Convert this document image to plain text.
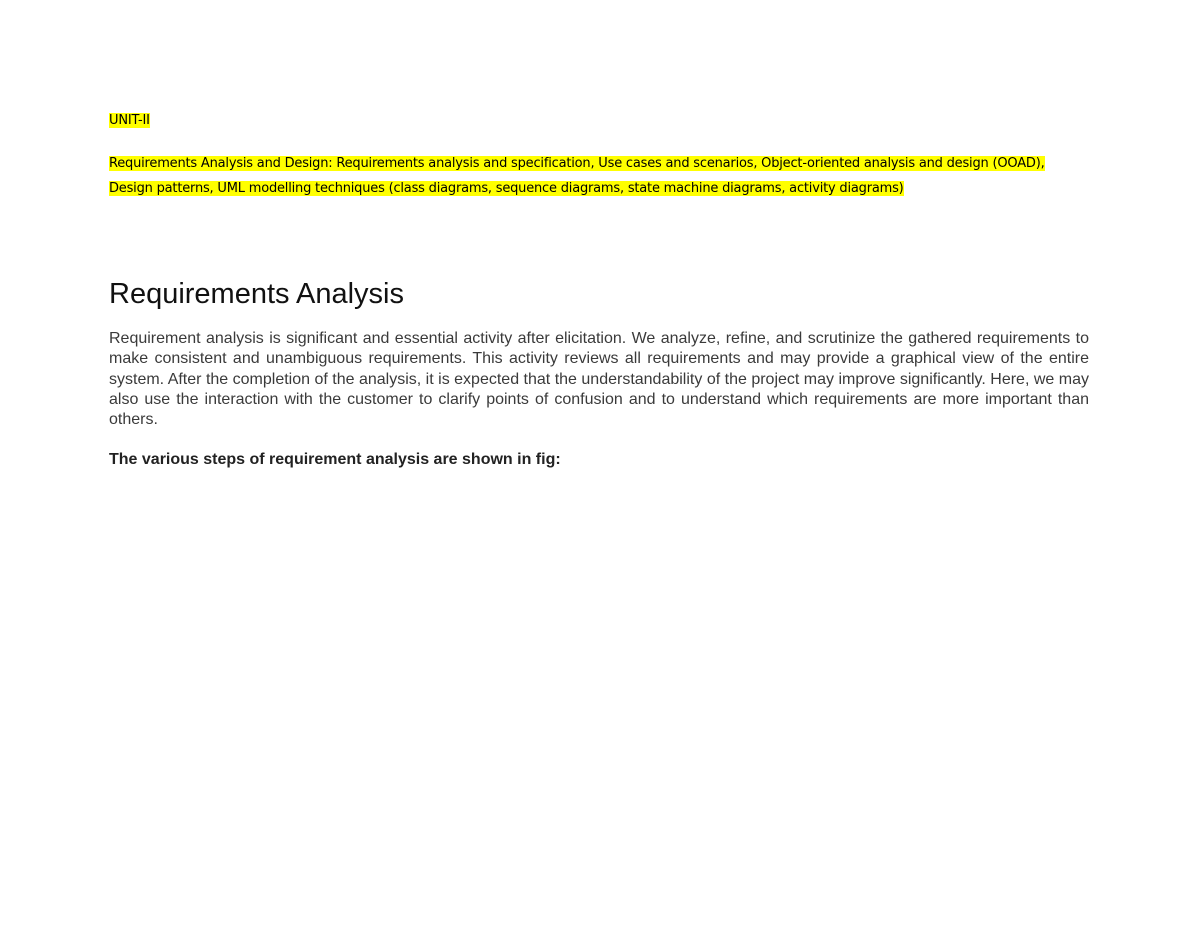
UNIT-II

Requirements Analysis and Design: Requirements analysis and specification, Use cases and scenarios, Object-oriented analysis and design (OOAD), Design patterns, UML modelling techniques (class diagrams, sequence diagrams, state machine diagrams, activity diagrams)

Requirements Analysis

Requirement analysis is significant and essential activity after elicitation. We analyze, refine, and scrutinize the gathered requirements to make consistent and unambiguous requirements. This activity reviews all requirements and may provide a graphical view of the entire system. After the completion of the analysis, it is expected that the understandability of the project may improve significantly. Here, we may also use the interaction with the customer to clarify points of confusion and to understand which requirements are more important than others.

The various steps of requirement analysis are shown in fig:
